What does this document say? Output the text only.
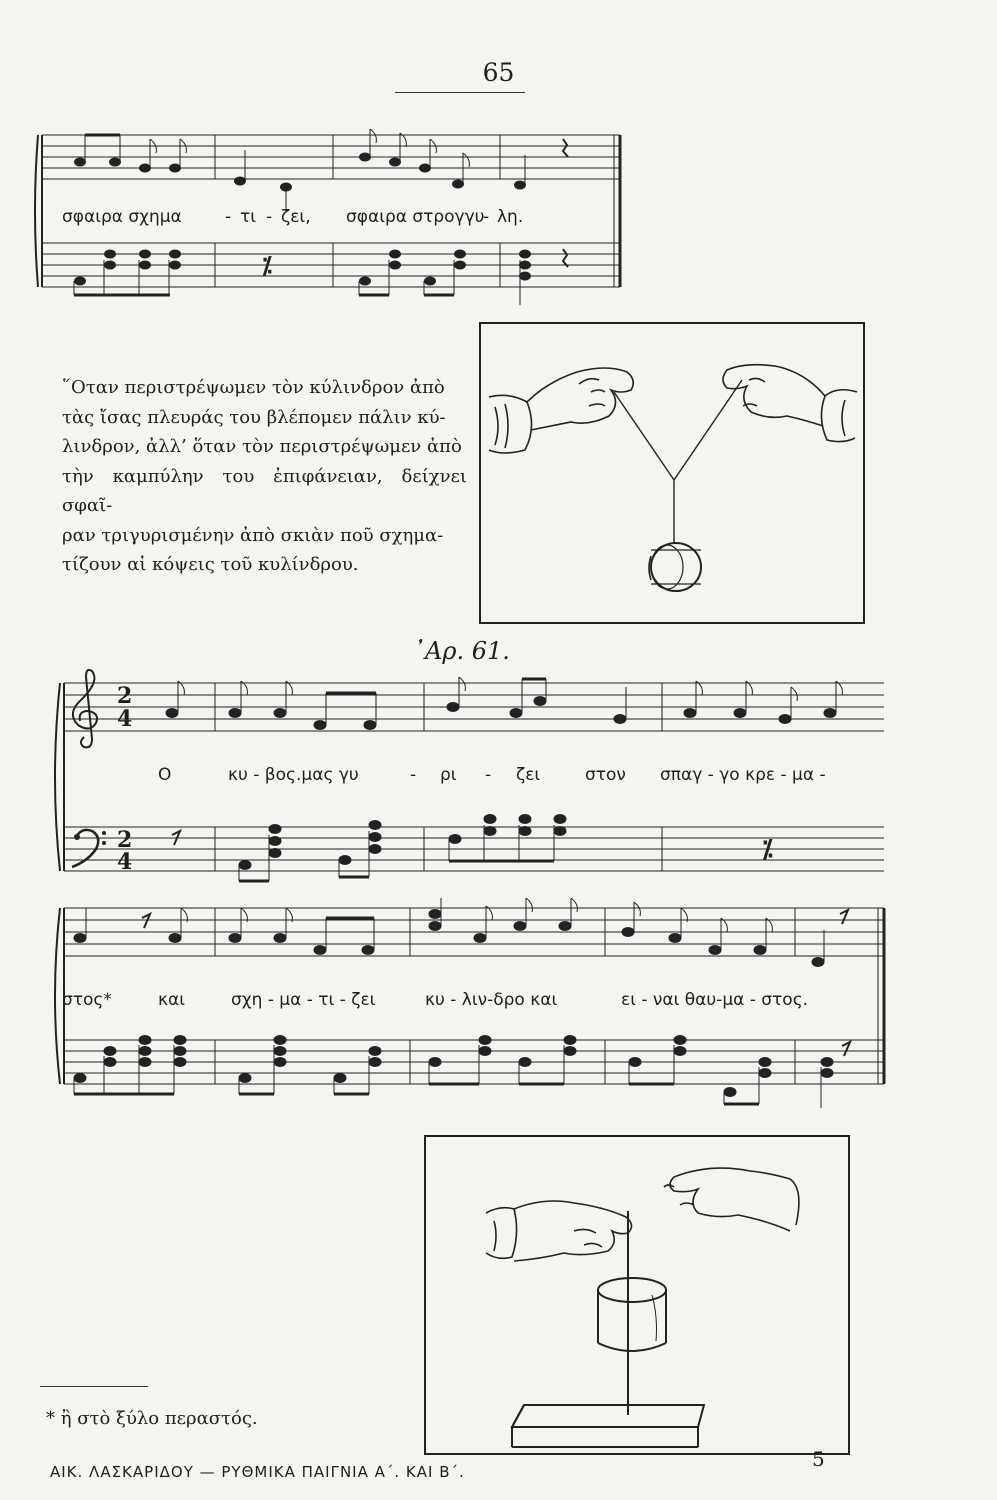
65
⁒
σφαιρα σχημα	- τι - ζει, σφαιρα στρογγυ
- λη.
῞Οταν περιστρέψωμεν τὸν κύλινδρον ἀπὸ
τὰς ἴσας πλευράς του βλέπομεν πάλιν κύ-
λινδρον, ἀλλ’ ὅταν τὸν περιστρέψωμεν ἀπὸ
τὴν καμπύλην του ἐπιφάνειαν, δείχνει σφαῖ-
ραν τριγυρισμένην ἀπὸ σκιὰν ποῦ σχημα-
τίζουν αἱ κόψεις τοῦ κυλίνδρου.
᾿Αρ. 61.
⁒
2
4
2
4
Ο	κυ - βος.μας γυ	- ρι - ζει	στον σπαγ - γο κρε - μα -
στος*	και	σχη - μα - τι - ζει	κυ - λιν-δρο και	ει - ναι θαυ-μα - στος.
* ἢ στὸ ξύλο περαστός.
ΑΙΚ. ΛΑΣΚΑΡΙΔΟΥ — ΡΥΘΜΙΚΑ ΠΑΙΓΝΙΑ Α΄. ΚΑΙ Β΄.
5
